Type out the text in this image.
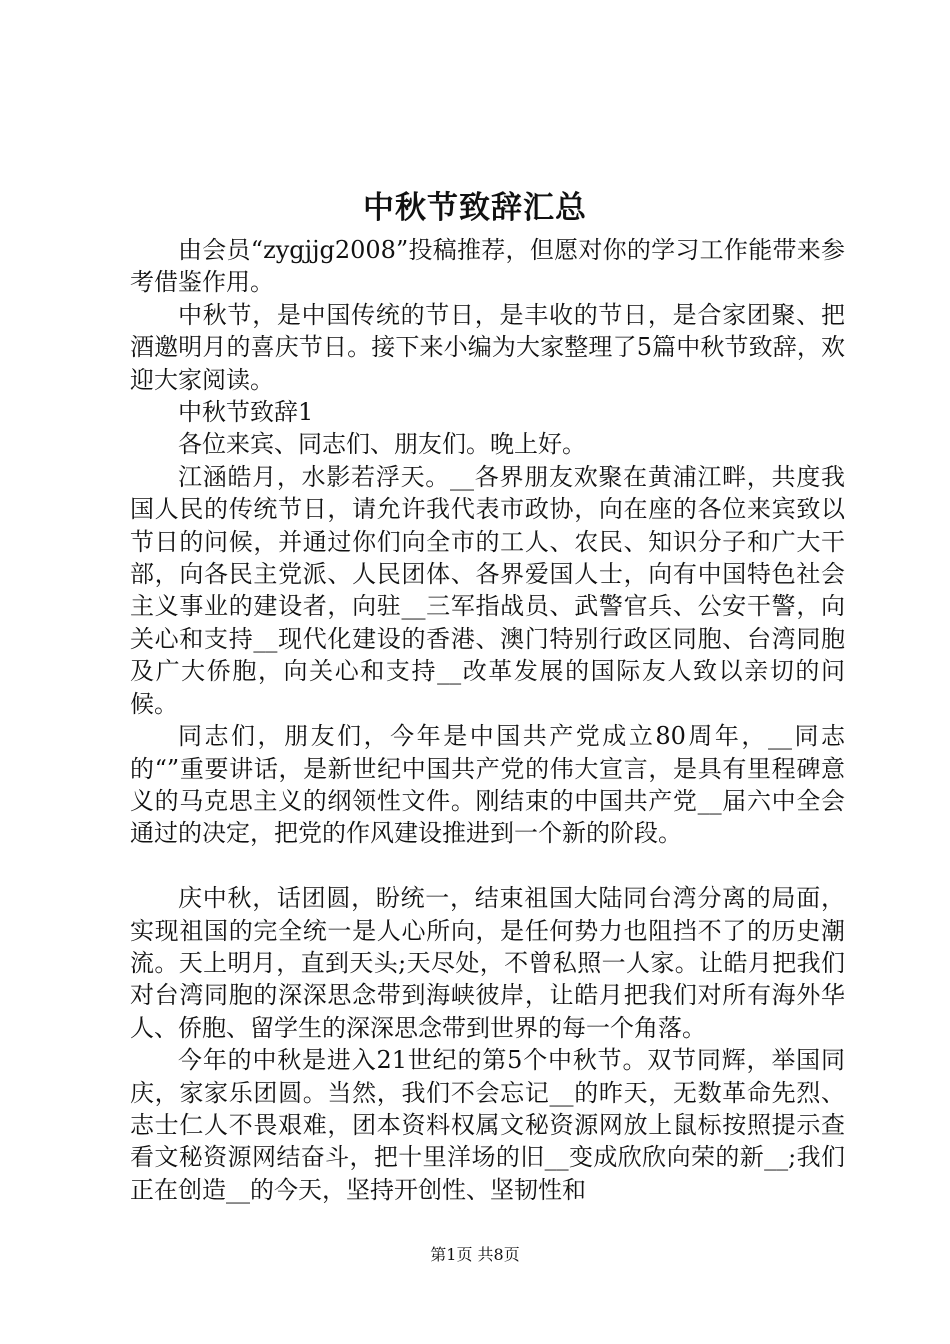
中秋节致辞汇总

由会员“zygjjg2008”投稿推荐，但愿对你的学习工作能带来参考借鉴作用。

中秋节，是中国传统的节日，是丰收的节日，是合家团聚、把酒邀明月的喜庆节日。接下来小编为大家整理了5篇中秋节致辞，欢迎大家阅读。

中秋节致辞1

各位来宾、同志们、朋友们。晚上好。

江涵皓月，水影若浮天。__各界朋友欢聚在黄浦江畔，共度我国人民的传统节日，请允许我代表市政协，向在座的各位来宾致以节日的问候，并通过你们向全市的工人、农民、知识分子和广大干部，向各民主党派、人民团体、各界爱国人士，向有中国特色社会主义事业的建设者，向驻__三军指战员、武警官兵、公安干警，向关心和支持__现代化建设的香港、澳门特别行政区同胞、台湾同胞及广大侨胞，向关心和支持__改革发展的国际友人致以亲切的问候。

同志们，朋友们，今年是中国共产党成立80周年，__同志的“”重要讲话，是新世纪中国共产党的伟大宣言，是具有里程碑意义的马克思主义的纲领性文件。刚结束的中国共产党__届六中全会通过的决定，把党的作风建设推进到一个新的阶段。

庆中秋，话团圆，盼统一，结束祖国大陆同台湾分离的局面，实现祖国的完全统一是人心所向，是任何势力也阻挡不了的历史潮流。天上明月，直到天头;天尽处，不曾私照一人家。让皓月把我们对台湾同胞的深深思念带到海峡彼岸，让皓月把我们对所有海外华人、侨胞、留学生的深深思念带到世界的每一个角落。

今年的中秋是进入21世纪的第5个中秋节。双节同辉，举国同庆，家家乐团圆。当然，我们不会忘记__的昨天，无数革命先烈、志士仁人不畏艰难，团本资料权属文秘资源网放上鼠标按照提示查看文秘资源网结奋斗，把十里洋场的旧__变成欣欣向荣的新__;我们正在创造__的今天，坚持开创性、坚韧性和

第1页 共8页
